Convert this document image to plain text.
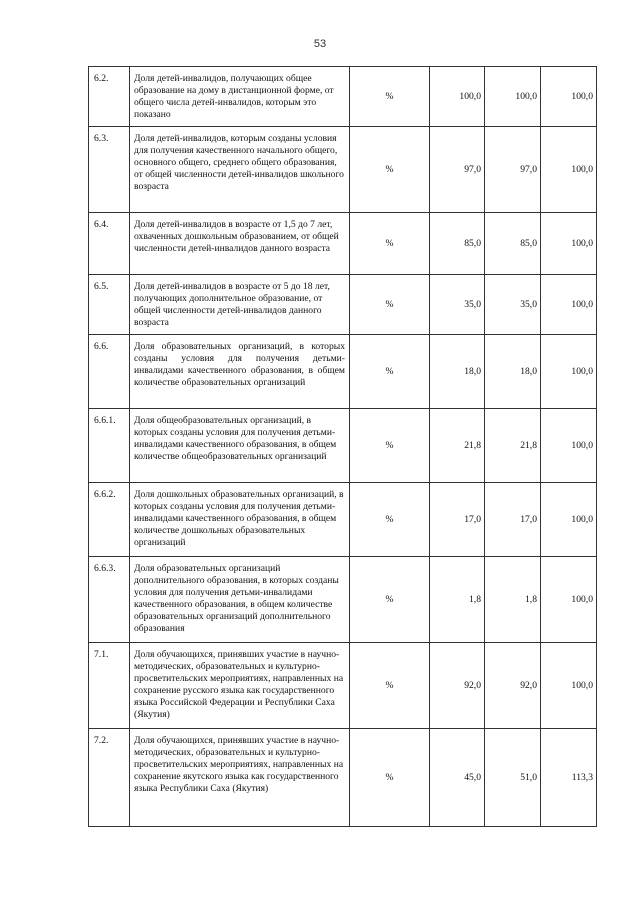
53
6.2.	Доля детей-инвалидов, получающих общее образование на дому в дистанционной форме, от общего числа детей-инвалидов, которым это показано	%	100,0	100,0	100,0
6.3.	Доля детей-инвалидов, которым созданы условия для получения качественного начального общего, основного общего, среднего общего образования, от общей численности детей-инвалидов школьного возраста	%	97,0	97,0	100,0
6.4.	Доля детей-инвалидов в возрасте от 1,5 до 7 лет, охваченных дошкольным образованием, от общей численности детей-инвалидов данного возраста	%	85,0	85,0	100,0
6.5.	Доля детей-инвалидов в возрасте от 5 до 18 лет, получающих дополнительное образование, от общей численности детей-инвалидов данного возраста	%	35,0	35,0	100,0
6.6.	Доля образовательных организаций, в которых созданы условия для получения детьми-инвалидами качественного образования, в общем количестве образовательных организаций	%	18,0	18,0	100,0
6.6.1.	Доля общеобразовательных организаций, в которых созданы условия для получения детьми-инвалидами качественного образования, в общем количестве общеобразовательных организаций	%	21,8	21,8	100,0
6.6.2.	Доля дошкольных образовательных организаций, в которых созданы условия для получения детьми-инвалидами качественного образования, в общем количестве дошкольных образовательных организаций	%	17,0	17,0	100,0
6.6.3.	Доля образовательных организаций дополнительного образования, в которых созданы условия для получения детьми-инвалидами качественного образования, в общем количестве образовательных организаций дополнительного образования	%	1,8	1,8	100,0
7.1.	Доля обучающихся, принявших участие в научно-методических, образовательных и культурно-просветительских мероприятиях, направленных на сохранение русского языка как государственного языка Российской Федерации и Республики Саха (Якутия)	%	92,0	92,0	100,0
7.2.	Доля обучающихся, принявших участие в научно-методических, образовательных и культурно-просветительских мероприятиях, направленных на сохранение якутского языка как государственного языка Республики Саха (Якутия)	%	45,0	51,0	113,3
